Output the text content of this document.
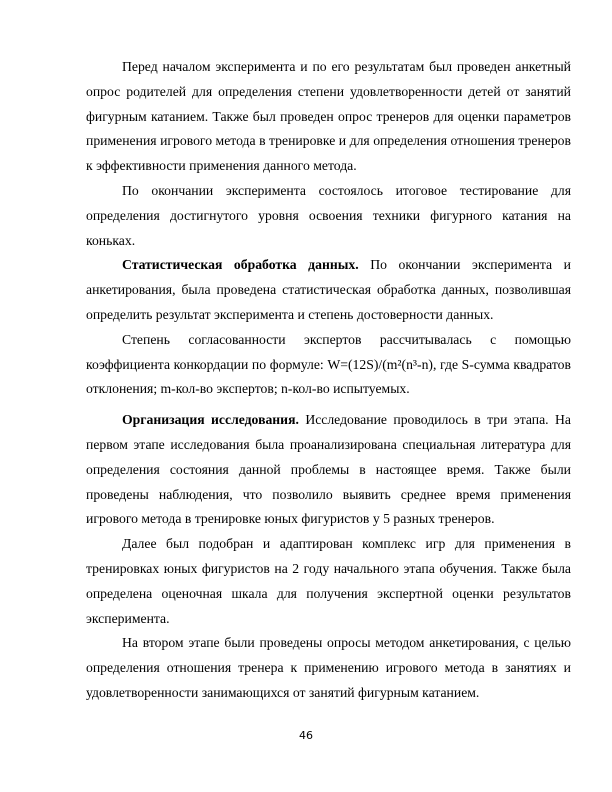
Перед началом эксперимента и по его результатам был проведен анкетный опрос родителей для определения степени удовлетворенности детей от занятий фигурным катанием. Также был проведен опрос тренеров для оценки параметров применения игрового метода в тренировке и для определения отношения тренеров к эффективности применения данного метода.

По окончании эксперимента состоялось итоговое тестирование для определения достигнутого уровня освоения техники фигурного катания на коньках.

Статистическая обработка данных. По окончании эксперимента и анкетирования, была проведена статистическая обработка данных, позволившая определить результат эксперимента и степень достоверности данных.

Степень согласованности экспертов рассчитывалась с помощью коэффициента конкордации по формуле: W=(12S)/(m²(n³-n), где S-сумма квадратов отклонения; m-кол-во экспертов; n-кол-во испытуемых.

Организация исследования. Исследование проводилось в три этапа. На первом этапе исследования была проанализирована специальная литература для определения состояния данной проблемы в настоящее время. Также были проведены наблюдения, что позволило выявить среднее время применения игрового метода в тренировке юных фигуристов у 5 разных тренеров.

Далее был подобран и адаптирован комплекс игр для применения в тренировках юных фигуристов на 2 году начального этапа обучения. Также была определена оценочная шкала для получения экспертной оценки результатов эксперимента.

На втором этапе были проведены опросы методом анкетирования, с целью определения отношения тренера к применению игрового метода в занятиях и удовлетворенности занимающихся от занятий фигурным катанием.

46
